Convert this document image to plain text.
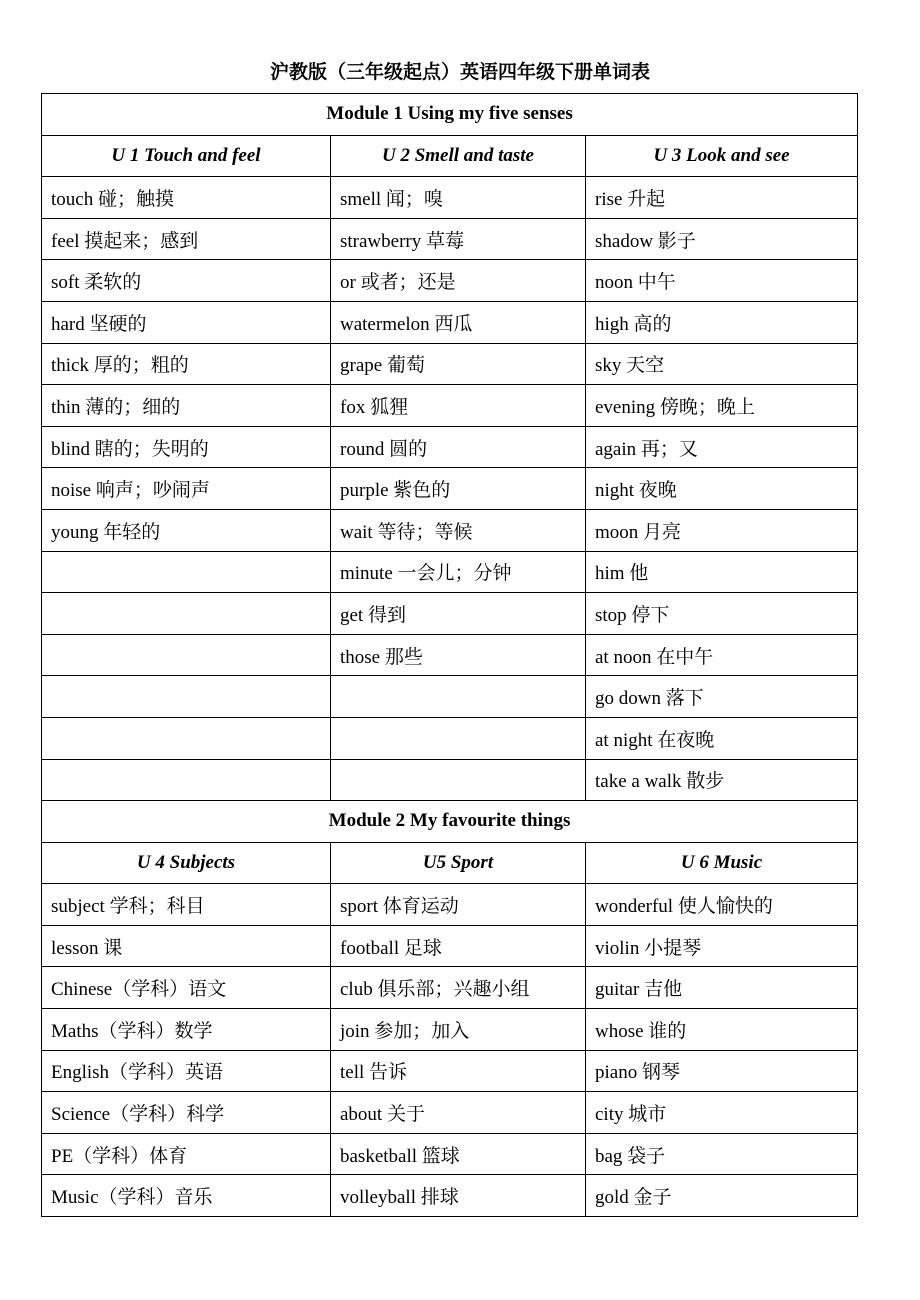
沪教版（三年级起点）英语四年级下册单词表
Module 1 Using my five senses		
U 1 Touch and feel	U 2 Smell and taste	U 3 Look and see
touch 碰；触摸	smell 闻；嗅	rise 升起
feel 摸起来；感到	strawberry 草莓	shadow 影子
soft 柔软的	or 或者；还是	noon 中午
hard 坚硬的	watermelon 西瓜	high 高的
thick 厚的；粗的	grape 葡萄	sky 天空
thin 薄的；细的	fox 狐狸	evening 傍晚；晚上
blind 瞎的；失明的	round 圆的	again 再；又
noise 响声；吵闹声	purple 紫色的	night 夜晚
young 年轻的	wait 等待；等候	moon 月亮
	minute 一会儿；分钟	him 他
	get 得到	stop 停下
	those 那些	at noon 在中午
		go down 落下
		at night 在夜晚
		take a walk 散步
Module 2 My favourite things		
U 4 Subjects	U5 Sport	U 6 Music
subject 学科；科目	sport 体育运动	wonderful 使人愉快的
lesson 课	football 足球	violin 小提琴
Chinese（学科）语文	club 俱乐部；兴趣小组	guitar 吉他
Maths（学科）数学	join 参加；加入	whose 谁的
English（学科）英语	tell 告诉	piano 钢琴
Science（学科）科学	about 关于	city 城市
PE（学科）体育	basketball 篮球	bag 袋子
Music（学科）音乐	volleyball 排球	gold 金子
